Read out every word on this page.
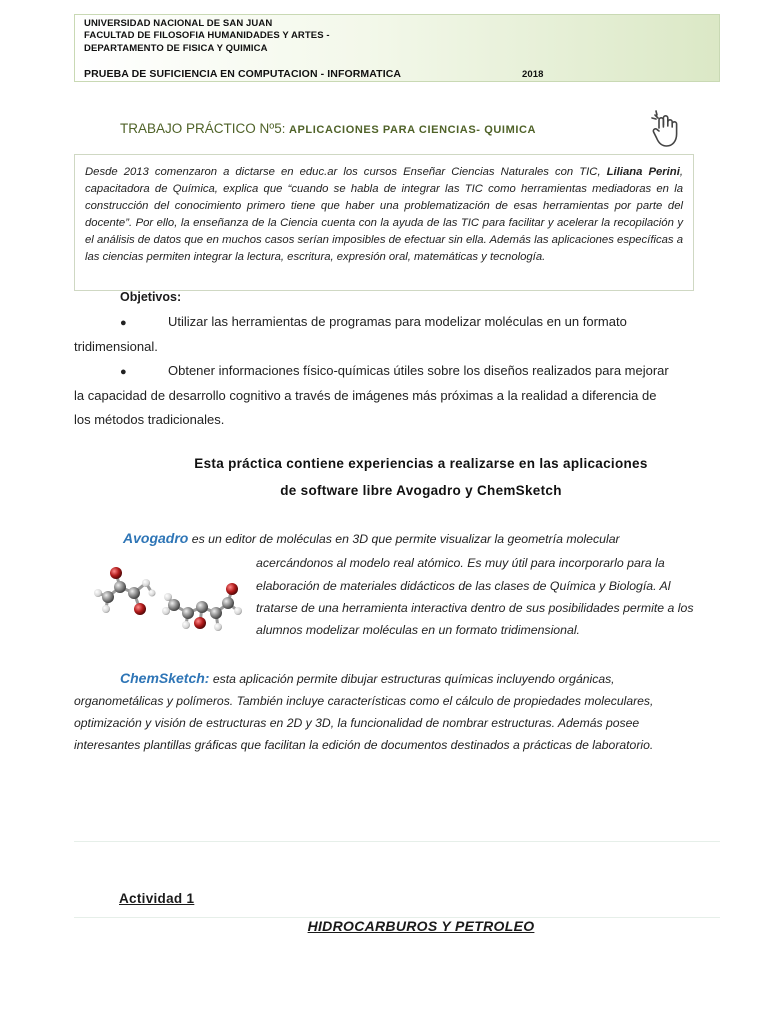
UNIVERSIDAD NACIONAL DE SAN JUAN
FACULTAD DE FILOSOFIA HUMANIDADES Y ARTES -
DEPARTAMENTO DE FISICA Y QUIMICA
PRUEBA DE SUFICIENCIA EN COMPUTACION - INFORMATICA	2018
TRABAJO PRÁCTICO Nº5: APLICACIONES PARA CIENCIAS- QUIMICA
Desde 2013 comenzaron a dictarse en educ.ar los cursos Enseñar Ciencias Naturales con TIC, Liliana Perini, capacitadora de Química, explica que “cuando se habla de integrar las TIC como herramientas mediadoras en la construcción del conocimiento primero tiene que haber una problematización de esas herramientas por parte del docente”. Por ello, la enseñanza de la Ciencia cuenta con la ayuda de las TIC para facilitar y acelerar la recopilación y el análisis de datos que en muchos casos serían imposibles de efectuar sin ella. Además las aplicaciones específicas a las ciencias permiten integrar la lectura, escritura, expresión oral, matemáticas y tecnología.
Objetivos:
●	Utilizar las herramientas de programas para modelizar moléculas en un formato
tridimensional.
●	Obtener informaciones físico-químicas útiles sobre los diseños realizados para mejorar
la capacidad de desarrollo cognitivo a través de imágenes más próximas a la realidad a diferencia de
los métodos tradicionales.
Esta práctica contiene experiencias a realizarse en las aplicaciones
de software libre Avogadro y ChemSketch
Avogadro es un editor de moléculas en 3D que permite visualizar la geometría molecular
acercándonos al modelo real atómico. Es muy útil para incorporarlo para la
elaboración de materiales didácticos de las clases de Química y Biología. Al
tratarse de una herramienta interactiva dentro de sus posibilidades permite a los
alumnos modelizar moléculas en un formato tridimensional.
ChemSketch: esta aplicación permite dibujar estructuras químicas incluyendo orgánicas,
organometálicas y polímeros. También incluye características como el cálculo de propiedades moleculares,
optimización y visión de estructuras en 2D y 3D, la funcionalidad de nombrar estructuras. Además posee
interesantes plantillas gráficas que facilitan la edición de documentos destinados a prácticas de laboratorio.
Actividad 1
HIDROCARBUROS Y PETROLEO
